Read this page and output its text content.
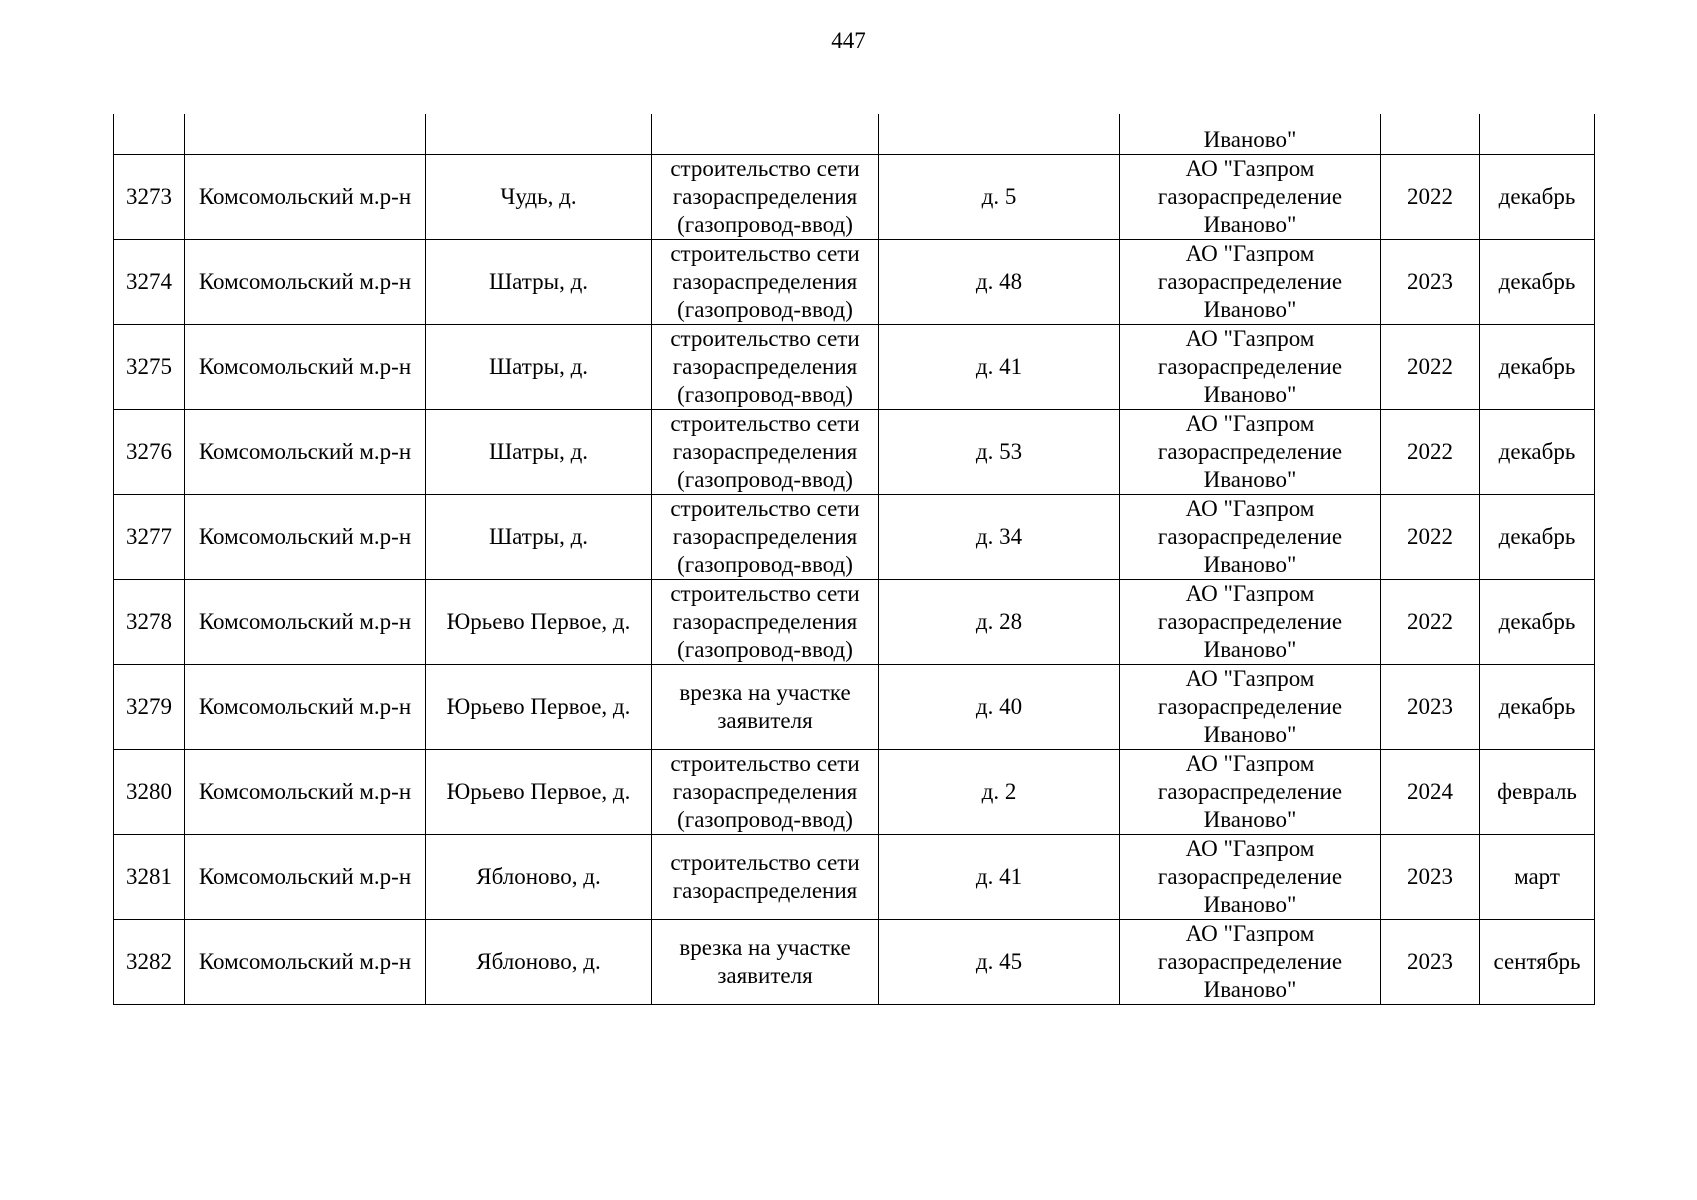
447
					Иваново"		
3273	Комсомольский м.р-н	Чудь, д.	строительство сети газораспределения (газопровод-ввод)	д. 5	АО "Газпром газораспределение Иваново"	2022	декабрь
3274	Комсомольский м.р-н	Шатры, д.	строительство сети газораспределения (газопровод-ввод)	д. 48	АО "Газпром газораспределение Иваново"	2023	декабрь
3275	Комсомольский м.р-н	Шатры, д.	строительство сети газораспределения (газопровод-ввод)	д. 41	АО "Газпром газораспределение Иваново"	2022	декабрь
3276	Комсомольский м.р-н	Шатры, д.	строительство сети газораспределения (газопровод-ввод)	д. 53	АО "Газпром газораспределение Иваново"	2022	декабрь
3277	Комсомольский м.р-н	Шатры, д.	строительство сети газораспределения (газопровод-ввод)	д. 34	АО "Газпром газораспределение Иваново"	2022	декабрь
3278	Комсомольский м.р-н	Юрьево Первое, д.	строительство сети газораспределения (газопровод-ввод)	д. 28	АО "Газпром газораспределение Иваново"	2022	декабрь
3279	Комсомольский м.р-н	Юрьево Первое, д.	врезка на участке заявителя	д. 40	АО "Газпром газораспределение Иваново"	2023	декабрь
3280	Комсомольский м.р-н	Юрьево Первое, д.	строительство сети газораспределения (газопровод-ввод)	д. 2	АО "Газпром газораспределение Иваново"	2024	февраль
3281	Комсомольский м.р-н	Яблоново, д.	строительство сети газораспределения	д. 41	АО "Газпром газораспределение Иваново"	2023	март
3282	Комсомольский м.р-н	Яблоново, д.	врезка на участке заявителя	д. 45	АО "Газпром газораспределение Иваново"	2023	сентябрь
